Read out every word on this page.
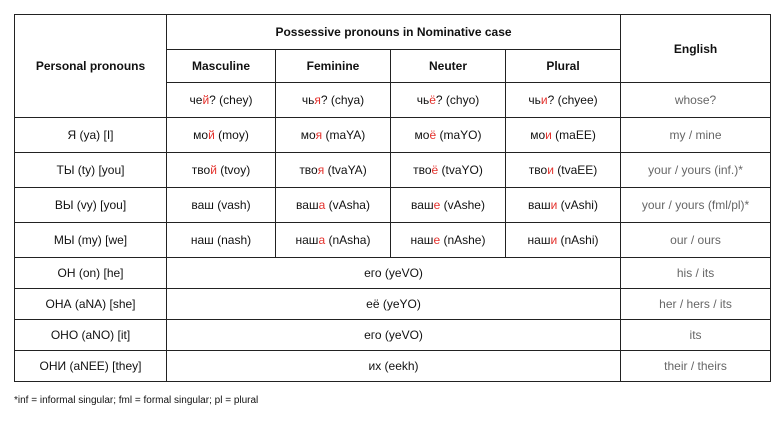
Personal pronouns	Possessive pronouns in Nominative case				English
	Masculine	Feminine	Neuter	Plural	
	чей? (chey)	чья? (chya)	чьё? (chyo)	чьи? (chyee)	whose?
Я (ya) [I]	мой (moy)	моя (maYA)	моё (maYO)	мои (maEE)	my / mine
ТЫ (ty) [you]	твой (tvoy)	твоя (tvaYA)	твоё (tvaYO)	твои (tvaEE)	your / yours (inf.)*
ВЫ (vy) [you]	ваш (vash)	ваша (vAsha)	ваше (vAshe)	ваши (vAshi)	your / yours (fml/pl)*
МЫ (my) [we]	наш (nash)	наша (nAsha)	наше (nAshe)	наши (nAshi)	our / ours
ОН (on) [he]	его (yeVO)				his / its
ОНА (aNA) [she]	её (yeYO)				her / hers / its
ОНО (aNO) [it]	его (yeVO)				its
ОНИ (aNEE) [they]	их (eekh)				their / theirs
*inf = informal singular; fml = formal singular; pl = plural
